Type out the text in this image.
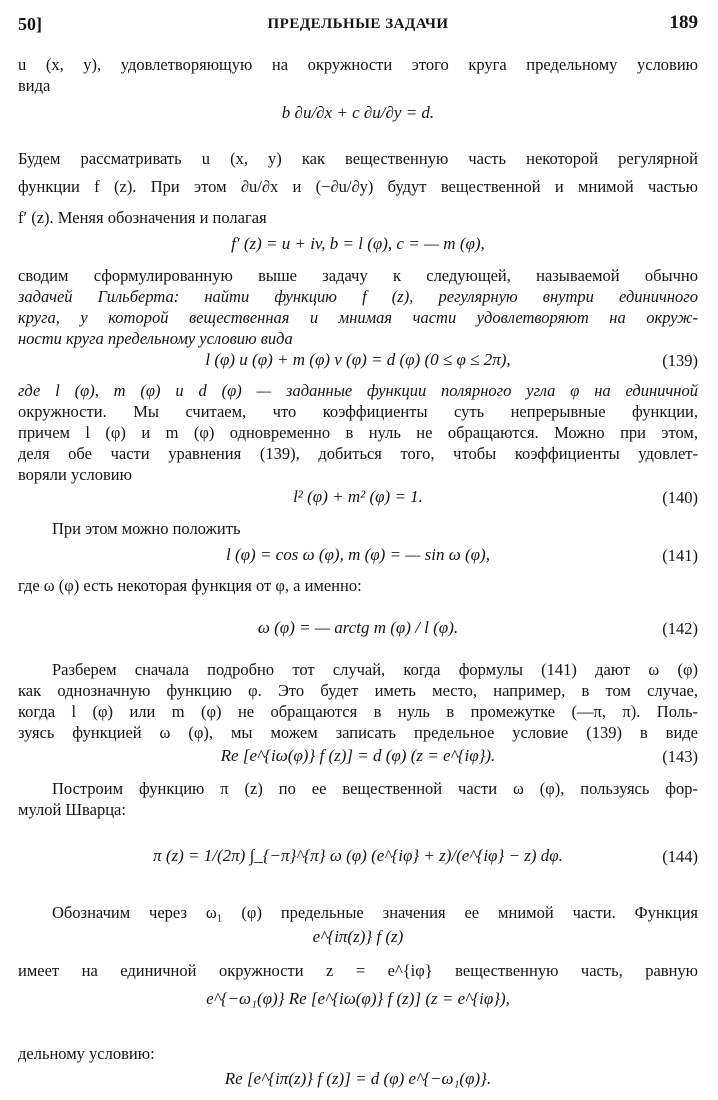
50]	ПРЕДЕЛЬНЫЕ ЗАДАЧИ	189
u (x, y), удовлетворяющую на окружности этого круга предельному условию
вида
b ∂u/∂x + c ∂u/∂y = d.
Будем рассматривать u (x, y) как вещественную часть некоторой регулярной
функции f (z). При этом ∂u/∂x и (−∂u/∂y) будут вещественной и мнимой частью
f′ (z). Меняя обозначения и полагая
f′ (z) = u + iv, b = l (φ), c = — m (φ),
сводим сформулированную выше задачу к следующей, называемой обычно
задачей Гильберта: найти функцию f (z), регулярную внутри единичного
круга, у которой вещественная и мнимая части удовлетворяют на окруж-
ности круга предельному условию вида
l (φ) u (φ) + m (φ) v (φ) = d (φ) (0 ≤ φ ≤ 2π),	(139)
где l (φ), m (φ) и d (φ) — заданные функции полярного угла φ на единичной
окружности. Мы считаем, что коэффициенты суть непрерывные функции,
причем l (φ) и m (φ) одновременно в нуль не обращаются. Можно при этом,
деля обе части уравнения (139), добиться того, чтобы коэффициенты удовлет-
воряли условию
l² (φ) + m² (φ) = 1.	(140)
При этом можно положить
l (φ) = cos ω (φ), m (φ) = — sin ω (φ),	(141)
где ω (φ) есть некоторая функция от φ, а именно:
ω (φ) = — arctg m (φ) / l (φ).	(142)
Разберем сначала подробно тот случай, когда формулы (141) дают ω (φ)
как однозначную функцию φ. Это будет иметь место, например, в том случае,
когда l (φ) или m (φ) не обращаются в нуль в промежутке (—π, π). Поль-
зуясь функцией ω (φ), мы можем записать предельное условие (139) в виде
Re [e^{iω(φ)} f (z)] = d (φ) (z = e^{iφ}).	(143)
Построим функцию π (z) по ее вещественной части ω (φ), пользуясь фор-
мулой Шварца:
π (z) = 1/(2π) ∫_{−π}^{π} ω (φ) (e^{iφ} + z)/(e^{iφ} − z) dφ.	(144)
Обозначим через ω₁ (φ) предельные значения ее мнимой части. Функция
e^{iπ(z)} f (z)
имеет на единичной окружности z = e^{iφ} вещественную часть, равную
e^{−ω₁(φ)} Re [e^{iω(φ)} f (z)] (z = e^{iφ}),
дельному условию:
Re [e^{iπ(z)} f (z)] = d (φ) e^{−ω₁(φ)}.
